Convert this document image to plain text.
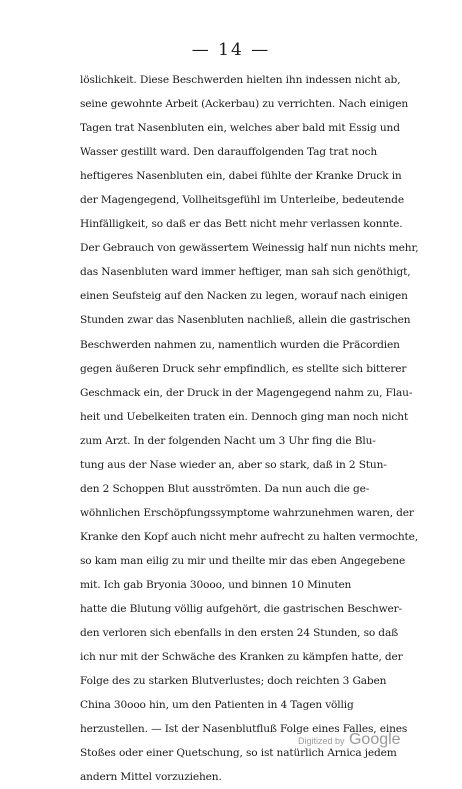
— 14 —
löslichkeit. Diese Beschwerden hielten ihn indessen nicht ab,
seine gewohnte Arbeit (Ackerbau) zu verrichten. Nach einigen
Tagen trat Nasenbluten ein, welches aber bald mit Essig und
Wasser gestillt ward. Den darauffolgenden Tag trat noch
heftigeres Nasenbluten ein, dabei fühlte der Kranke Druck in
der Magengegend, Vollheitsgefühl im Unterleibe, bedeutende
Hinfälligkeit, so daß er das Bett nicht mehr verlassen konnte.
Der Gebrauch von gewässertem Weinessig half nun nichts mehr,
das Nasenbluten ward immer heftiger, man sah sich genöthigt,
einen Seufsteig auf den Nacken zu legen, worauf nach einigen
Stunden zwar das Nasenbluten nachließ, allein die gastrischen
Beschwerden nahmen zu, namentlich wurden die Präcordien
gegen äußeren Druck sehr empfindlich, es stellte sich bitterer
Geschmack ein, der Druck in der Magengegend nahm zu, Flau-
heit und Uebelkeiten traten ein. Dennoch ging man noch nicht
zum Arzt. In der folgenden Nacht um 3 Uhr fing die Blu-
tung aus der Nase wieder an, aber so stark, daß in 2 Stun-
den 2 Schoppen Blut ausströmten. Da nun auch die ge-
wöhnlichen Erschöpfungssymptome wahrzunehmen waren, der
Kranke den Kopf auch nicht mehr aufrecht zu halten vermochte,
so kam man eilig zu mir und theilte mir das eben Angegebene
mit. Ich gab Bryonia 30ooo, und binnen 10 Minuten
hatte die Blutung völlig aufgehört, die gastrischen Beschwer-
den verloren sich ebenfalls in den ersten 24 Stunden, so daß
ich nur mit der Schwäche des Kranken zu kämpfen hatte, der
Folge des zu starken Blutverlustes; doch reichten 3 Gaben
China 30ooo hin, um den Patienten in 4 Tagen völlig
herzustellen. — Ist der Nasenblutfluß Folge eines Falles, eines
Stoßes oder einer Quetschung, so ist natürlich Arnica jedem
andern Mittel vorzuziehen.
Digitized by Google
